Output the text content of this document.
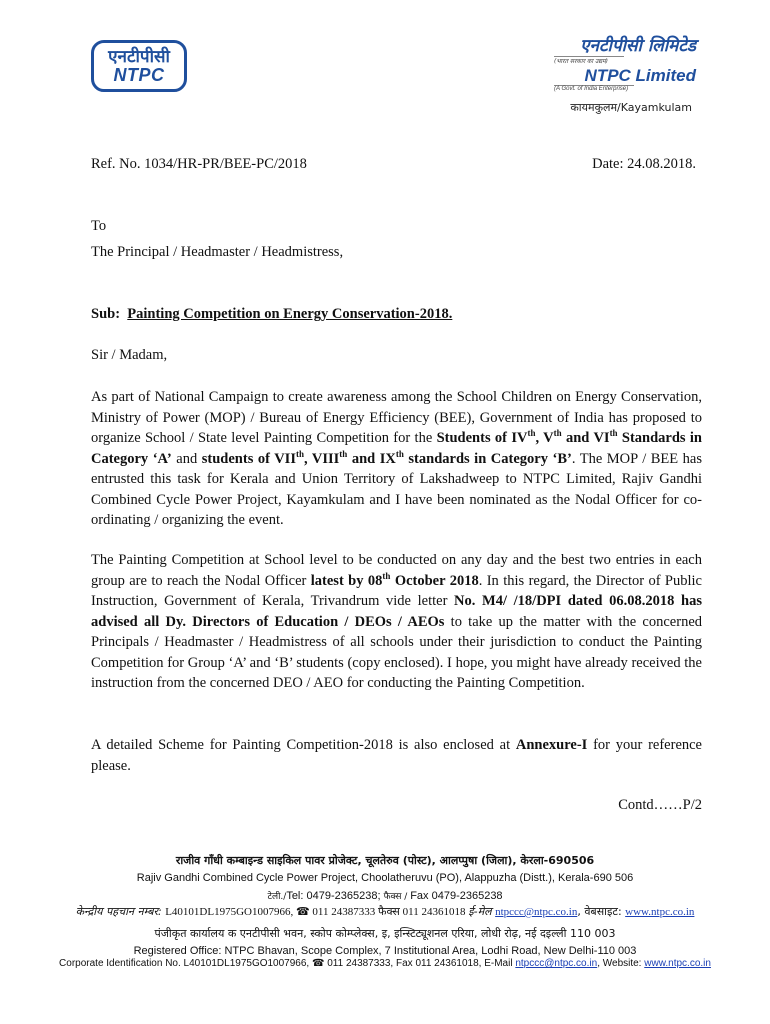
एनटीपीसी
NTPC
एनटीपीसी लिमिटेड
(भारत सरकार का उद्यम)
NTPC Limited
(A Govt. of India Enterprise)
कायमकुलम/Kayamkulam
Ref. No. 1034/HR-PR/BEE-PC/2018	Date: 24.08.2018.
To
The Principal / Headmaster / Headmistress,
Sub: Painting Competition on Energy Conservation-2018.
Sir / Madam,
As part of National Campaign to create awareness among the School Children on Energy Conservation, Ministry of Power (MOP) / Bureau of Energy Efficiency (BEE), Government of India has proposed to organize School / State level Painting Competition for the Students of IVth, Vth and VIth Standards in Category ‘A’ and students of VIIth, VIIIth and IXth standards in Category ‘B’. The MOP / BEE has entrusted this task for Kerala and Union Territory of Lakshadweep to NTPC Limited, Rajiv Gandhi Combined Cycle Power Project, Kayamkulam and I have been nominated as the Nodal Officer for co-ordinating / organizing the event.
The Painting Competition at School level to be conducted on any day and the best two entries in each group are to reach the Nodal Officer latest by 08th October 2018. In this regard, the Director of Public Instruction, Government of Kerala, Trivandrum vide letter No. M4/ /18/DPI dated 06.08.2018 has advised all Dy. Directors of Education / DEOs / AEOs to take up the matter with the concerned Principals / Headmaster / Headmistress of all schools under their jurisdiction to conduct the Painting Competition for Group ‘A’ and ‘B’ students (copy enclosed). I hope, you might have already received the instruction from the concerned DEO / AEO for conducting the Painting Competition.
A detailed Scheme for Painting Competition-2018 is also enclosed at Annexure-I for your reference please.
Contd……P/2
राजीव गाँधी कम्बाइन्ड साइकिल पावर प्रोजेक्ट, चूलतेरुव (पोस्ट), आलप्पुषा (जिला), केरला-690506
Rajiv Gandhi Combined Cycle Power Project, Choolatheruvu (PO), Alappuzha (Distt.), Kerala-690 506
टेली./Tel: 0479-2365238; फैक्स / Fax 0479-2365238
केन्द्रीय पहचान नम्बर: L40101DL1975GO1007966, ☎ 011 24387333 फैक्स 011 24361018 ई-मेल ntpccc@ntpc.co.in, वेबसाइट: www.ntpc.co.in
पंजीकृत कार्यालय क एनटीपीसी भवन, स्कोप कोम्प्लेक्स, इ, इन्स्टिट्यूशनल एरिया, लोधी रोढ़, नई दइल्ली 110 003
Registered Office: NTPC Bhavan, Scope Complex, 7 Institutional Area, Lodhi Road, New Delhi-110 003
Corporate Identification No. L40101DL1975GO1007966, ☎ 011 24387333, Fax 011 24361018, E-Mail ntpccc@ntpc.co.in, Website: www.ntpc.co.in
